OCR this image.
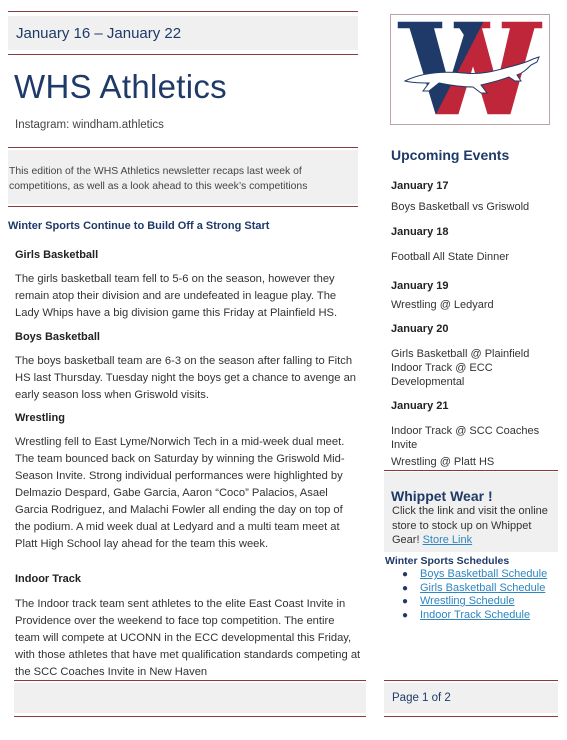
January 16 – January 22
WHS Athletics
Instagram: windham.athletics
This edition of the WHS Athletics newsletter recaps last week of competitions, as well as a look ahead to this week’s competitions
Winter Sports Continue to Build Off a Strong Start
Girls Basketball
The girls basketball team fell to 5-6 on the season, however they remain atop their division and are undefeated in league play. The Lady Whips have a big division game this Friday at Plainfield HS.
Boys Basketball
The boys basketball team are 6-3 on the season after falling to Fitch HS last Thursday. Tuesday night the boys get a chance to avenge an early season loss when Griswold visits.
Wrestling
Wrestling fell to East Lyme/Norwich Tech in a mid-week dual meet. The team bounced back on Saturday by winning the Griswold Mid-Season Invite. Strong individual performances were highlighted by Delmazio Despard, Gabe Garcia, Aaron “Coco” Palacios, Asael Garcia Rodriguez, and Malachi Fowler all ending the day on top of the podium. A mid week dual at Ledyard and a multi team meet at Platt High School lay ahead for the team this week.
Indoor Track
The Indoor track team sent athletes to the elite East Coast Invite in Providence over the weekend to face top competition. The entire team will compete at UCONN in the ECC developmental this Friday, with those athletes that have met qualification standards competing at the SCC Coaches Invite in New Haven
Upcoming Events
January 17
Boys Basketball vs Griswold
January 18
Football All State Dinner
January 19
Wrestling @ Ledyard
January 20
Girls Basketball @ Plainfield
Indoor Track @ ECC Developmental
January 21
Indoor Track @ SCC Coaches Invite
Wrestling @ Platt HS
Whippet Wear !
Click the link and visit the online store to stock up on Whippet Gear! Store Link
Winter Sports Schedules
● Boys Basketball Schedule
● Girls Basketball Schedule
● Wrestling Schedule
● Indoor Track Schedule
Page 1 of 2
